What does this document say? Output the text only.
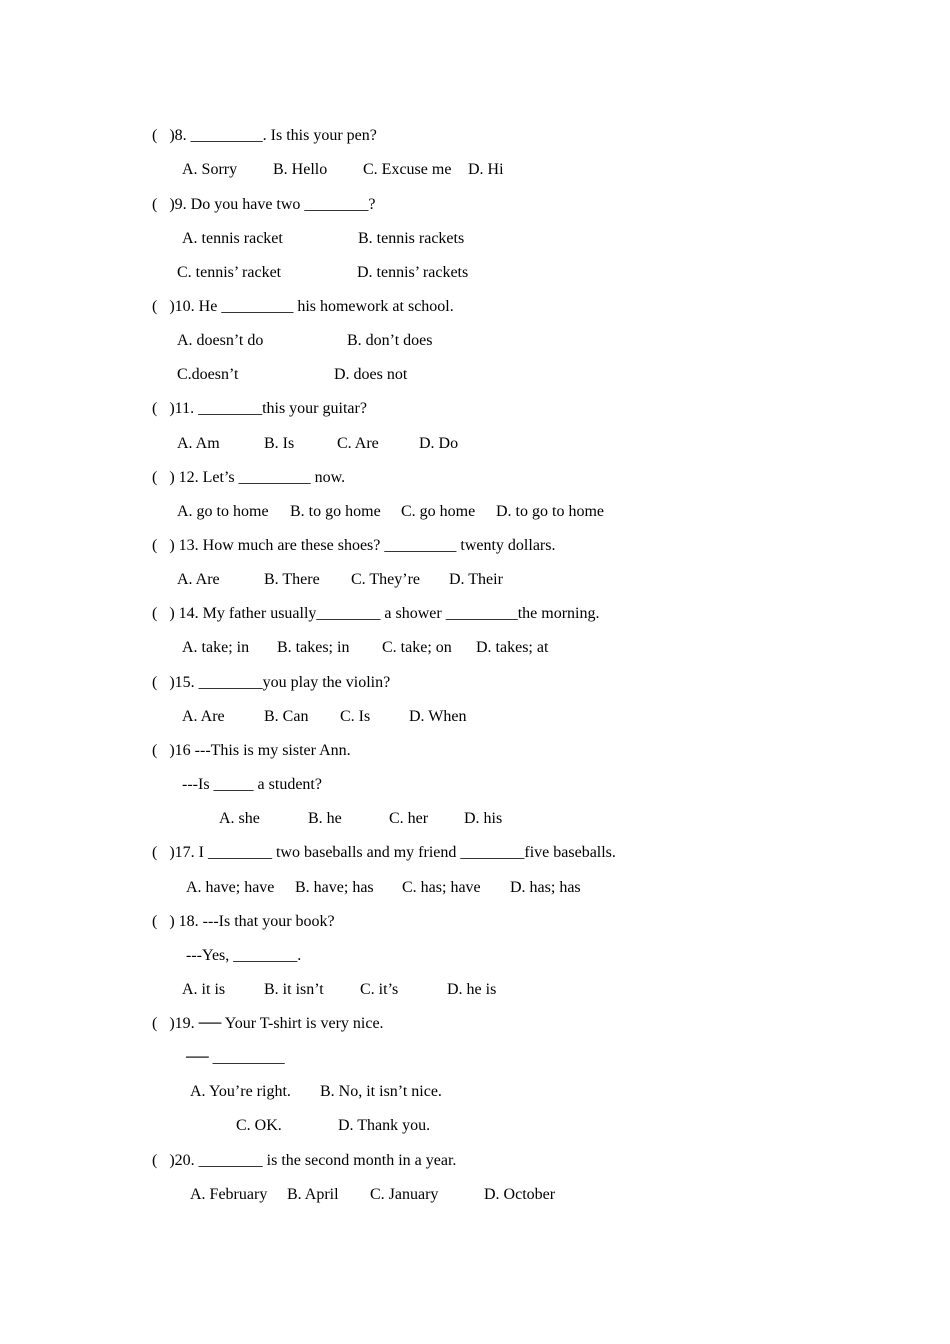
(   )8. _________. Is this your pen?
A. Sorry B. Hello C. Excuse me D. Hi
(   )9. Do you have two ________?
A. tennis racket	B. tennis rackets
C. tennis’ racket	D. tennis’ rackets
(   )10. He _________ his homework at school.
A. doesn’t do	B. don’t does
C.doesn’t	D. does not
(   )11. ________this your guitar?
A. Am	B. Is	C. Are	D. Do
(   ) 12. Let’s _________ now.
A. go to home B. to go home C. go home D. to go to home
(   ) 13. How much are these shoes? _________ twenty dollars.
A. Are	B. There C. They’re D. Their
(   ) 14. My father usually________ a shower _________the morning.
A. take; in B. takes; in C. take; on D. takes; at
(   )15. ________you play the violin?
A. Are B. Can C. Is D. When
(   )16 ---This is my sister Ann.
---Is _____ a student?
A. she	B. he	C. her D. his
(   )17. I ________ two baseballs and my friend ________five baseballs.
A. have; have B. have; has C. has; have D. has; has
(   ) 18. ---Is that your book?
---Yes, ________.
A. it is B. it isn’t C. it’s	D. he is
(   )19. ── Your T-shirt is very nice.
── _________
A. You’re right. B. No, it isn’t nice.
C. OK.	D. Thank you.
(   )20. ________ is the second month in a year.
A. February B. April C. January	D. October
